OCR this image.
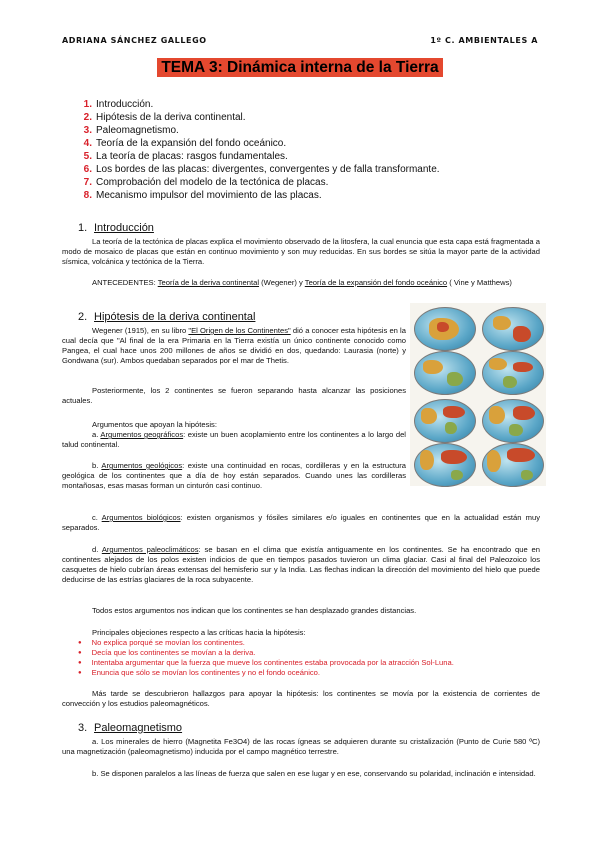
ADRIANA SÁNCHEZ GALLEGO	1º C. AMBIENTALES A
TEMA 3: Dinámica interna de la Tierra
1. Introducción.
2. Hipótesis de la deriva continental.
3. Paleomagnetismo.
4. Teoría de la expansión del fondo oceánico.
5. La teoría de placas: rasgos fundamentales.
6. Los bordes de las placas: divergentes, convergentes y de falla transformante.
7. Comprobación del modelo de la tectónica de placas.
8. Mecanismo impulsor del movimiento de las placas.
1. Introducción
La teoría de la tectónica de placas explica el movimiento observado de la litosfera, la cual enuncia que esta capa está fragmentada a modo de mosaico de placas que están en continuo movimiento y son muy reducidas. En sus bordes se sitúa la mayor parte de la actividad sísmica, volcánica y tectónica de la Tierra.
ANTECEDENTES: Teoría de la deriva continental (Wegener) y Teoría de la expansión del fondo oceánico ( Vine y Matthews)
2. Hipótesis de la deriva continental
Wegener (1915), en su libro "El Origen de los Continentes" dió a conocer esta hipótesis en la cual decía que "Al final de la era Primaria en la Tierra existía un único continente conocido como Pangea, el cual hace unos 200 millones de años se dividió en dos, quedando: Laurasia (norte) y Gondwana (sur). Ambos quedaban separados por el mar de Thetis.
Posteriormente, los 2 continentes se fueron separando hasta alcanzar las posiciones actuales.
Argumentos que apoyan la hipótesis:
a. Argumentos geográficos: existe un buen acoplamiento entre los continentes a lo largo del talud continental.
b. Argumentos geológicos: existe una continuidad en rocas, cordilleras y en la estructura geológica de los continentes que a día de hoy están separados. Cuando unes las cordilleras montañosas, esas masas forman un cinturón casi continuo.
c. Argumentos biológicos: existen organismos y fósiles similares e/o iguales en continentes que en la actualidad están muy separados.
d. Argumentos paleoclimáticos: se basan en el clima que existía antiguamente en los continentes. Se ha encontrado que en continentes alejados de los polos existen indicios de que en tiempos pasados tuvieron un clima glaciar. Casi al final del Paleozoico los casquetes de hielo cubrían áreas extensas del hemisferio sur y la India. Las flechas indican la dirección del movimiento del hielo que puede deducirse de las estrías glaciares de la roca subyacente.
Todos estos argumentos nos indican que los continentes se han desplazado grandes distancias.
Principales objeciones respecto a las críticas hacia la hipótesis:
● No explica porqué se movían los continentes.
● Decía que los continentes se movían a la deriva.
● Intentaba argumentar que la fuerza que mueve los continentes estaba provocada por la atracción Sol-Luna.
● Enuncia que sólo se movían los continentes y no el fondo oceánico.
Más tarde se descubrieron hallazgos para apoyar la hipótesis: los continentes se movía por la existencia de corrientes de convección y los estudios paleomagnéticos.
3. Paleomagnetismo
a. Los minerales de hierro (Magnetita Fe3O4) de las rocas ígneas se adquieren durante su cristalización (Punto de Curie 580 ºC) una magnetización (paleomagnetismo) inducida por el campo magnético terrestre.
b. Se disponen paralelos a las líneas de fuerza que salen en ese lugar y en ese, conservando su polaridad, inclinación e intensidad.
